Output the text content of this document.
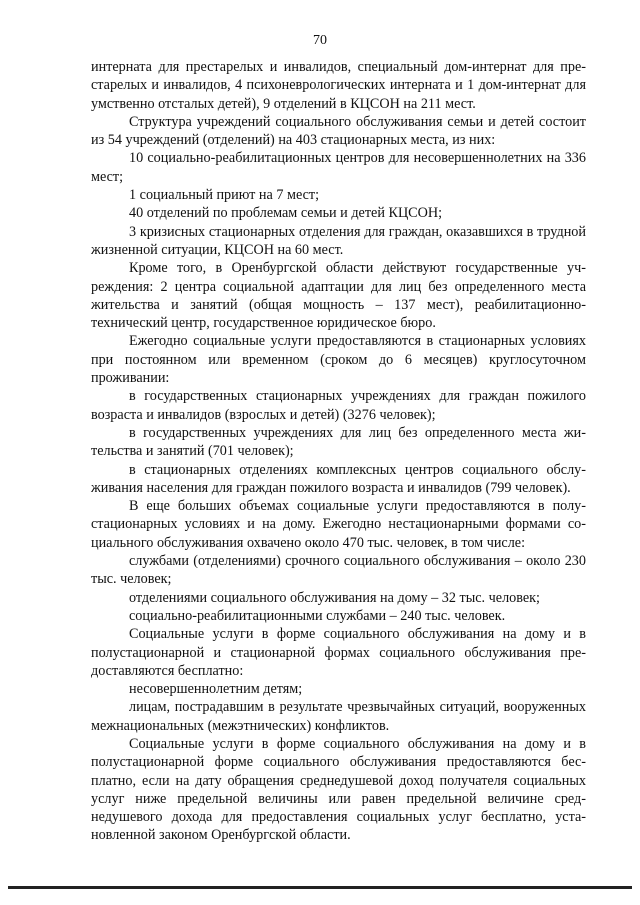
70

интерната для престарелых и инвалидов, специальный дом-интернат для престарелых и инвалидов, 4 психоневрологических интерната и 1 дом-интернат для умственно отсталых детей), 9 отделений в КЦСОН на 211 мест.

Структура учреждений социального обслуживания семьи и детей состоит из 54 учреждений (отделений) на 403 стационарных места, из них:

10 социально-реабилитационных центров для несовершеннолетних на 336 мест;

1 социальный приют на 7 мест;

40 отделений по проблемам семьи и детей КЦСОН;

3 кризисных стационарных отделения для граждан, оказавшихся в трудной жизненной ситуации, КЦСОН на 60 мест.

Кроме того, в Оренбургской области действуют государственные учреждения: 2 центра социальной адаптации для лиц без определенного места жительства и занятий (общая мощность – 137 мест), реабилитационно-технический центр, государственное юридическое бюро.

Ежегодно социальные услуги предоставляются в стационарных условиях при постоянном или временном (сроком до 6 месяцев) круглосуточном проживании:

в государственных стационарных учреждениях для граждан пожилого возраста и инвалидов (взрослых и детей) (3276 человек);

в государственных учреждениях для лиц без определенного места жительства и занятий (701 человек);

в стационарных отделениях комплексных центров социального обслуживания населения для граждан пожилого возраста и инвалидов (799 человек).

В еще больших объемах социальные услуги предоставляются в полустационарных условиях и на дому. Ежегодно нестационарными формами социального обслуживания охвачено около 470 тыс. человек, в том числе:

службами (отделениями) срочного социального обслуживания – около 230 тыс. человек;

отделениями социального обслуживания на дому – 32 тыс. человек;

социально-реабилитационными службами – 240 тыс. человек.

Социальные услуги в форме социального обслуживания на дому и в полустационарной и стационарной формах социального обслуживания предоставляются бесплатно:

несовершеннолетним детям;

лицам, пострадавшим в результате чрезвычайных ситуаций, вооруженных межнациональных (межэтнических) конфликтов.

Социальные услуги в форме социального обслуживания на дому и в полустационарной форме социального обслуживания предоставляются бесплатно, если на дату обращения среднедушевой доход получателя социальных услуг ниже предельной величины или равен предельной величине среднедушевого дохода для предоставления социальных услуг бесплатно, установленной законом Оренбургской области.
